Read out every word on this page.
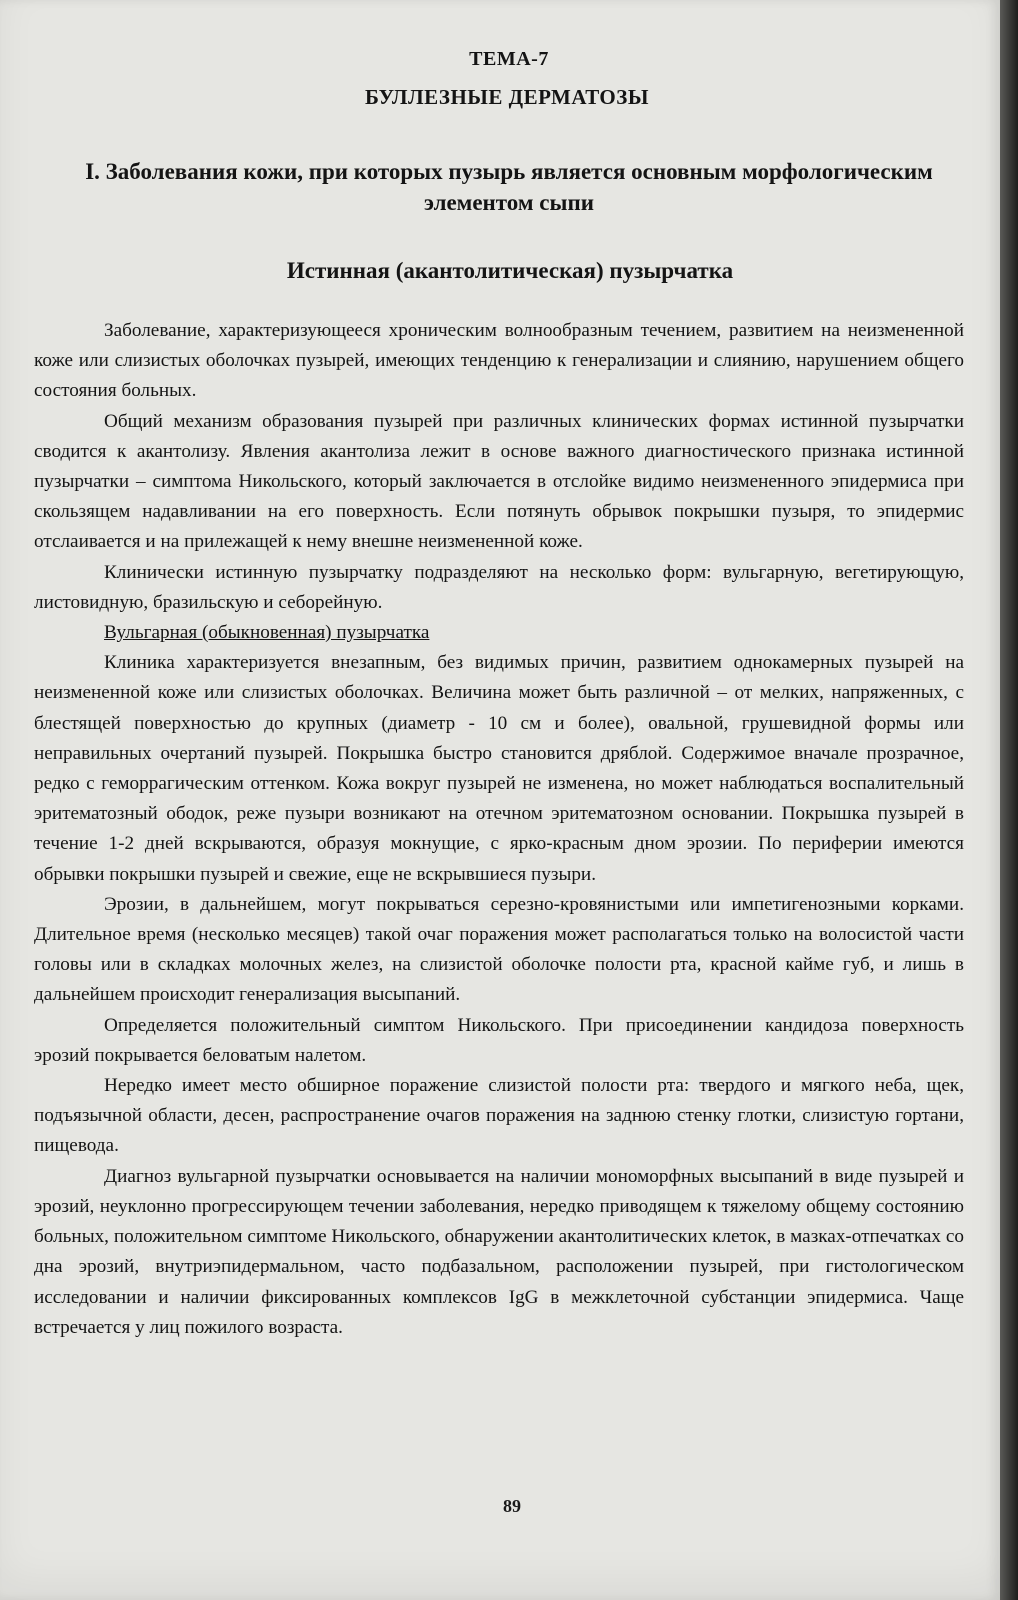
ТЕМА-7
БУЛЛЕЗНЫЕ ДЕРМАТОЗЫ
I. Заболевания кожи, при которых пузырь является основным морфологическим элементом сыпи
Истинная (акантолитическая) пузырчатка

Заболевание, характеризующееся хроническим волнообразным течением, развитием на неизмененной коже или слизистых оболочках пузырей, имеющих тенденцию к генерализации и слиянию, нарушением общего состояния больных.

Общий механизм образования пузырей при различных клинических формах истинной пузырчатки сводится к акантолизу. Явления акантолиза лежит в основе важного диагностического признака истинной пузырчатки – симптома Никольского, который заключается в отслойке видимо неизмененного эпидермиса при скользящем надавливании на его поверхность. Если потянуть обрывок покрышки пузыря, то эпидермис отслаивается и на прилежащей к нему внешне неизмененной коже.

Клинически истинную пузырчатку подразделяют на несколько форм: вульгарную, вегетирующую, листовидную, бразильскую и себорейную.

Вульгарная (обыкновенная) пузырчатка

Клиника характеризуется внезапным, без видимых причин, развитием однокамерных пузырей на неизмененной коже или слизистых оболочках. Величина может быть различной – от мелких, напряженных, с блестящей поверхностью до крупных (диаметр - 10 см и более), овальной, грушевидной формы или неправильных очертаний пузырей. Покрышка быстро становится дряблой. Содержимое вначале прозрачное, редко с геморрагическим оттенком. Кожа вокруг пузырей не изменена, но может наблюдаться воспалительный эритематозный ободок, реже пузыри возникают на отечном эритематозном основании. Покрышка пузырей в течение 1-2 дней вскрываются, образуя мокнущие, с ярко-красным дном эрозии. По периферии имеются обрывки покрышки пузырей и свежие, еще не вскрывшиеся пузыри.

Эрозии, в дальнейшем, могут покрываться серезно-кровянистыми или импетигенозными корками. Длительное время (несколько месяцев) такой очаг поражения может располагаться только на волосистой части головы или в складках молочных желез, на слизистой оболочке полости рта, красной кайме губ, и лишь в дальнейшем происходит генерализация высыпаний.

Определяется положительный симптом Никольского. При присоединении кандидоза поверхность эрозий покрывается беловатым налетом.

Нередко имеет место обширное поражение слизистой полости рта: твердого и мягкого неба, щек, подъязычной области, десен, распространение очагов поражения на заднюю стенку глотки, слизистую гортани, пищевода.

Диагноз вульгарной пузырчатки основывается на наличии мономорфных высыпаний в виде пузырей и эрозий, неуклонно прогрессирующем течении заболевания, нередко приводящем к тяжелому общему состоянию больных, положительном симптоме Никольского, обнаружении акантолитических клеток, в мазках-отпечатках со дна эрозий, внутриэпидермальном, часто подбазальном, расположении пузырей, при гистологическом исследовании и наличии фиксированных комплексов IgG в межклеточной субстанции эпидермиса. Чаще встречается у лиц пожилого возраста.

89
